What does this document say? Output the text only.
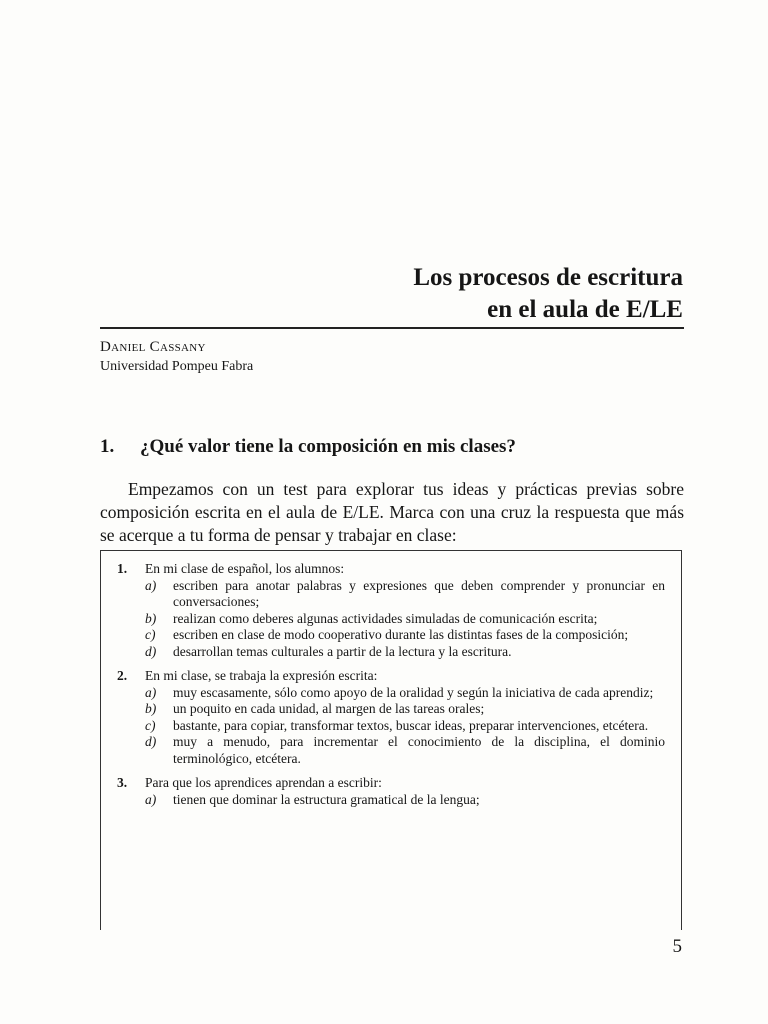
Los procesos de escritura
en el aula de E/LE
Daniel Cassany
Universidad Pompeu Fabra
1. ¿Qué valor tiene la composición en mis clases?

Empezamos con un test para explorar tus ideas y prácticas previas sobre composición escrita en el aula de E/LE. Marca con una cruz la respuesta que más se acerque a tu forma de pensar y trabajar en clase:

1.	En mi clase de español, los alumnos:
a)	escriben para anotar palabras y expresiones que deben comprender y pronunciar en conversaciones;
b)	realizan como deberes algunas actividades simuladas de comunicación escrita;
c)	escriben en clase de modo cooperativo durante las distintas fases de la composición;
d)	desarrollan temas culturales a partir de la lectura y la escritura.
2.	En mi clase, se trabaja la expresión escrita:
a)	muy escasamente, sólo como apoyo de la oralidad y según la iniciativa de cada aprendiz;
b)	un poquito en cada unidad, al margen de las tareas orales;
c)	bastante, para copiar, transformar textos, buscar ideas, preparar intervenciones, etcétera.
d)	muy a menudo, para incrementar el conocimiento de la disciplina, el dominio terminológico, etcétera.
3.	Para que los aprendices aprendan a escribir:
a)	tienen que dominar la estructura gramatical de la lengua;
5
